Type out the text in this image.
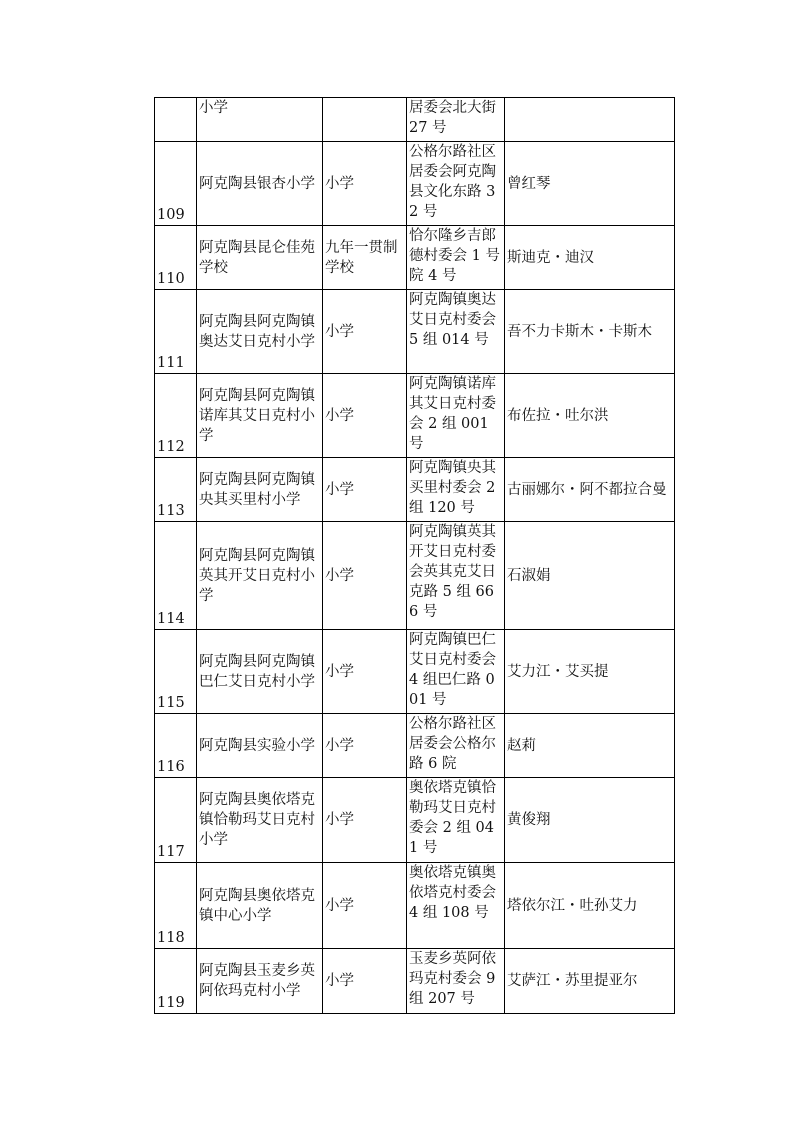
	小学		居委会北大街 27 号	
109	阿克陶县银杏小学	小学	公格尔路社区居委会阿克陶县文化东路 32 号	曾红琴
110	阿克陶县昆仑佳苑学校	九年一贯制学校	恰尔隆乡吉郎德村委会 1 号院 4 号	斯迪克・迪汉
111	阿克陶县阿克陶镇奥达艾日克村小学	小学	阿克陶镇奥达艾日克村委会 5 组 014 号	吾不力卡斯木・卡斯木
112	阿克陶县阿克陶镇诺库其艾日克村小学	小学	阿克陶镇诺库其艾日克村委会 2 组 001 号	布佐拉・吐尔洪
113	阿克陶县阿克陶镇央其买里村小学	小学	阿克陶镇央其买里村委会 2 组 120 号	古丽娜尔・阿不都拉合曼
114	阿克陶县阿克陶镇英其开艾日克村小学	小学	阿克陶镇英其开艾日克村委会英其克艾日克路 5 组 666 号	石淑娟
115	阿克陶县阿克陶镇巴仁艾日克村小学	小学	阿克陶镇巴仁艾日克村委会 4 组巴仁路 001 号	艾力江・艾买提
116	阿克陶县实验小学	小学	公格尔路社区居委会公格尔路 6 院	赵莉
117	阿克陶县奥依塔克镇恰勒玛艾日克村小学	小学	奥依塔克镇恰勒玛艾日克村委会 2 组 041 号	黄俊翔
118	阿克陶县奥依塔克镇中心小学	小学	奥依塔克镇奥依塔克村委会 4 组 108 号	塔依尔江・吐孙艾力
119	阿克陶县玉麦乡英阿依玛克村小学	小学	玉麦乡英阿依玛克村委会 9 组 207 号	艾萨江・苏里提亚尔
